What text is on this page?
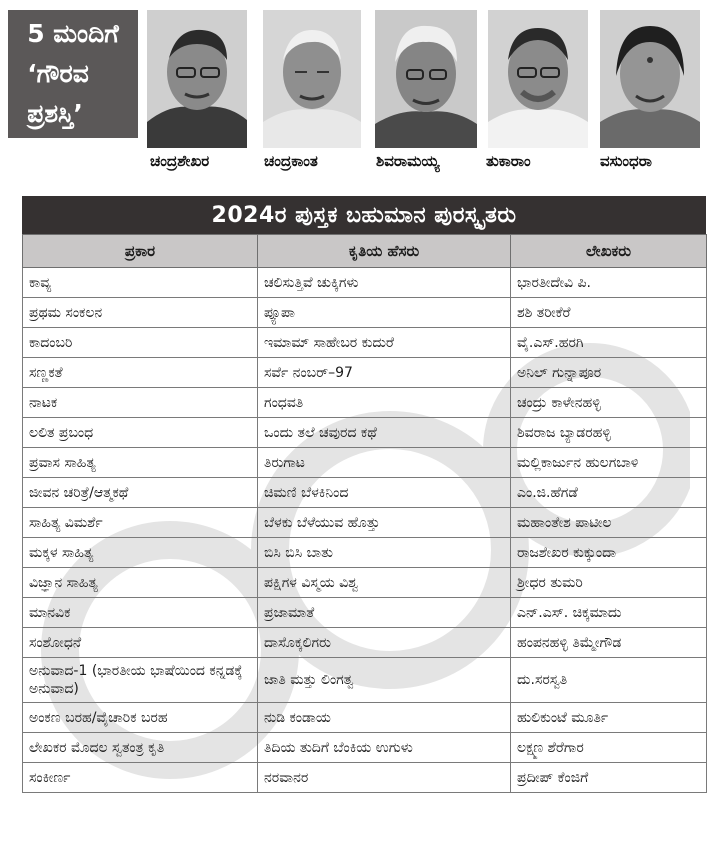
5 ಮಂದಿಗೆ
‘ಗೌರವ
ಪ್ರಶಸ್ತಿ’
ಚಂದ್ರಶೇಖರ	ಚಂದ್ರಕಾಂತ	ಶಿವರಾಮಯ್ಯ	ತುಕಾರಾಂ	ವಸುಂಧರಾ
2024ರ ಪುಸ್ತಕ ಬಹುಮಾನ ಪುರಸ್ಕೃತರು
ಪ್ರಕಾರ	ಕೃತಿಯ ಹೆಸರು	ಲೇಖಕರು
ಕಾವ್ಯ	ಚಲಿಸುತ್ತಿವೆ ಚುಕ್ಕಿಗಳು	ಭಾರತೀದೇವಿ ಪಿ.
ಪ್ರಥಮ ಸಂಕಲನ	ಪ್ಯೂಪಾ	ಶಶಿ ತರೀಕೆರೆ
ಕಾದಂಬರಿ	ಇಮಾಮ್ ಸಾಹೇಬರ ಕುದುರೆ	ವೈ.ಎಸ್.ಹರಗಿ
ಸಣ್ಣಕತೆ	ಸರ್ವೆ ನಂಬರ್–97	ಅನಿಲ್ ಗುನ್ನಾಪೂರ
ನಾಟಕ	ಗಂಧವತಿ	ಚಂದ್ರು ಕಾಳೇನಹಳ್ಳಿ
ಲಲಿತ ಪ್ರಬಂಧ	ಒಂದು ತಲೆ ಚವುರದ ಕಥೆ	ಶಿವರಾಜ ಬ್ಯಾಡರಹಳ್ಳಿ
ಪ್ರವಾಸ ಸಾಹಿತ್ಯ	ತಿರುಗಾಟ	ಮಲ್ಲಿಕಾರ್ಜುನ ಹುಲಗಬಾಳಿ
ಜೀವನ ಚರಿತ್ರೆ/ಆತ್ಮಕಥೆ	ಚಿಮಣಿ ಬೆಳಕಿನಿಂದ	ಎಂ.ಜಿ.ಹೆಗಡೆ
ಸಾಹಿತ್ಯ ವಿಮರ್ಶೆ	ಬೆಳಕು ಬೆಳೆಯುವ ಹೊತ್ತು	ಮಹಾಂತೇಶ ಪಾಟೀಲ
ಮಕ್ಕಳ ಸಾಹಿತ್ಯ	ಬಿಸಿ ಬಿಸಿ ಬಾತು	ರಾಜಶೇಖರ ಕುಕ್ಕುಂದಾ
ವಿಜ್ಞಾನ ಸಾಹಿತ್ಯ	ಪಕ್ಷಿಗಳ ವಿಸ್ಮಯ ವಿಶ್ವ	ಶ್ರೀಧರ ತುಮರಿ
ಮಾನವಿಕ	ಪ್ರಜಾಮಾತೆ	ಎನ್.ಎಸ್. ಚಿಕ್ಕಮಾದು
ಸಂಶೋಧನೆ	ದಾಸೊಕ್ಕಲಿಗರು	ಹಂಪನಹಳ್ಳಿ ತಿಮ್ಮೇಗೌಡ
ಅನುವಾದ-1 (ಭಾರತೀಯ ಭಾಷೆಯಿಂದ ಕನ್ನಡಕ್ಕೆ ಅನುವಾದ)	ಜಾತಿ ಮತ್ತು ಲಿಂಗತ್ವ	ದು.ಸರಸ್ವತಿ
ಅಂಕಣ ಬರಹ/ವೈಚಾರಿಕ ಬರಹ	ನುಡಿ ಕಂಡಾಯ	ಹುಲಿಕುಂಟೆ ಮೂರ್ತಿ
ಲೇಖಕರ ಮೊದಲ ಸ್ವತಂತ್ರ ಕೃತಿ	ತಿದಿಯ ತುದಿಗೆ ಬೆಂಕಿಯ ಉಗುಳು	ಲಕ್ಷ್ಮಣ ಶೆರೆಗಾರ
ಸಂಕೀರ್ಣ	ನರವಾನರ	ಪ್ರದೀಪ್ ಕೆಂಜಿಗೆ
